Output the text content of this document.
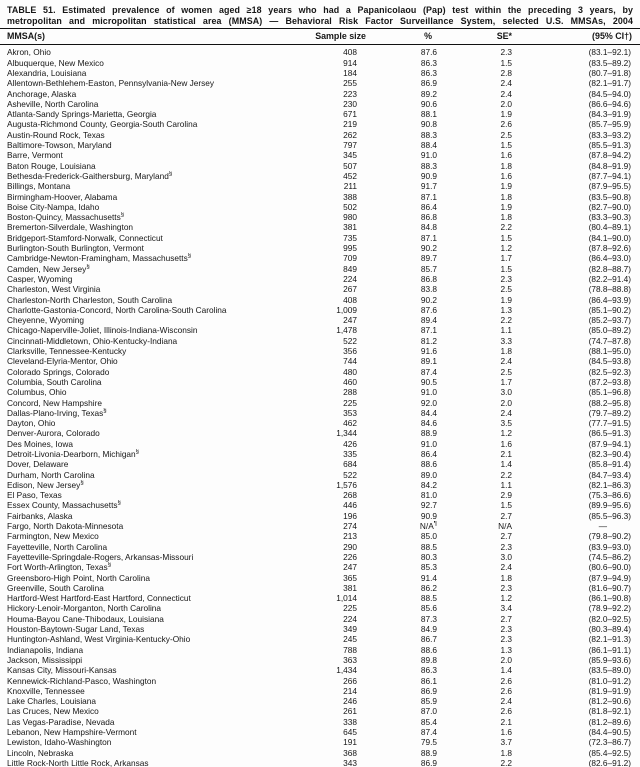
TABLE 51. Estimated prevalence of women aged ≥18 years who had a Papanicolaou (Pap) test within the preceding 3 years, by
metropolitan and micropolitan statistical area (MMSA) — Behavioral Risk Factor Surveillance System, selected U.S. MMSAs, 2004
MMSA(s)	Sample size	%	SE*	(95% CI†)
Akron, Ohio	408	87.6	2.3	(83.1–92.1)
Albuquerque, New Mexico	914	86.3	1.5	(83.5–89.2)
Alexandria, Louisiana	184	86.3	2.8	(80.7–91.8)
Allentown-Bethlehem-Easton, Pennsylvania-New Jersey	255	86.9	2.4	(82.1–91.7)
Anchorage, Alaska	223	89.2	2.4	(84.5–94.0)
Asheville, North Carolina	230	90.6	2.0	(86.6–94.6)
Atlanta-Sandy Springs-Marietta, Georgia	671	88.1	1.9	(84.3–91.9)
Augusta-Richmond County, Georgia-South Carolina	219	90.8	2.6	(85.7–95.9)
Austin-Round Rock, Texas	262	88.3	2.5	(83.3–93.2)
Baltimore-Towson, Maryland	797	88.4	1.5	(85.5–91.3)
Barre, Vermont	345	91.0	1.6	(87.8–94.2)
Baton Rouge, Louisiana	507	88.3	1.8	(84.8–91.9)
Bethesda-Frederick-Gaithersburg, Maryland§	452	90.9	1.6	(87.7–94.1)
Billings, Montana	211	91.7	1.9	(87.9–95.5)
Birmingham-Hoover, Alabama	388	87.1	1.8	(83.5–90.8)
Boise City-Nampa, Idaho	502	86.4	1.9	(82.7–90.0)
Boston-Quincy, Massachusetts§	980	86.8	1.8	(83.3–90.3)
Bremerton-Silverdale, Washington	381	84.8	2.2	(80.4–89.1)
Bridgeport-Stamford-Norwalk, Connecticut	735	87.1	1.5	(84.1–90.0)
Burlington-South Burlington, Vermont	995	90.2	1.2	(87.8–92.6)
Cambridge-Newton-Framingham, Massachusetts§	709	89.7	1.7	(86.4–93.0)
Camden, New Jersey§	849	85.7	1.5	(82.8–88.7)
Casper, Wyoming	224	86.8	2.3	(82.2–91.4)
Charleston, West Virginia	267	83.8	2.5	(78.8–88.8)
Charleston-North Charleston, South Carolina	408	90.2	1.9	(86.4–93.9)
Charlotte-Gastonia-Concord, North Carolina-South Carolina	1,009	87.6	1.3	(85.1–90.2)
Cheyenne, Wyoming	247	89.4	2.2	(85.2–93.7)
Chicago-Naperville-Joliet, Illinois-Indiana-Wisconsin	1,478	87.1	1.1	(85.0–89.2)
Cincinnati-Middletown, Ohio-Kentucky-Indiana	522	81.2	3.3	(74.7–87.8)
Clarksville, Tennessee-Kentucky	356	91.6	1.8	(88.1–95.0)
Cleveland-Elyria-Mentor, Ohio	744	89.1	2.4	(84.5–93.8)
Colorado Springs, Colorado	480	87.4	2.5	(82.5–92.3)
Columbia, South Carolina	460	90.5	1.7	(87.2–93.8)
Columbus, Ohio	288	91.0	3.0	(85.1–96.8)
Concord, New Hampshire	225	92.0	2.0	(88.2–95.8)
Dallas-Plano-Irving, Texas§	353	84.4	2.4	(79.7–89.2)
Dayton, Ohio	462	84.6	3.5	(77.7–91.5)
Denver-Aurora, Colorado	1,344	88.9	1.2	(86.5–91.3)
Des Moines, Iowa	426	91.0	1.6	(87.9–94.1)
Detroit-Livonia-Dearborn, Michigan§	335	86.4	2.1	(82.3–90.4)
Dover, Delaware	684	88.6	1.4	(85.8–91.4)
Durham, North Carolina	522	89.0	2.2	(84.7–93.4)
Edison, New Jersey§	1,576	84.2	1.1	(82.1–86.3)
El Paso, Texas	268	81.0	2.9	(75.3–86.6)
Essex County, Massachusetts§	446	92.7	1.5	(89.9–95.6)
Fairbanks, Alaska	196	90.9	2.7	(85.5–96.3)
Fargo, North Dakota-Minnesota	274	N/A¶	N/A	—
Farmington, New Mexico	213	85.0	2.7	(79.8–90.2)
Fayetteville, North Carolina	290	88.5	2.3	(83.9–93.0)
Fayetteville-Springdale-Rogers, Arkansas-Missouri	226	80.3	3.0	(74.5–86.2)
Fort Worth-Arlington, Texas§	247	85.3	2.4	(80.6–90.0)
Greensboro-High Point, North Carolina	365	91.4	1.8	(87.9–94.9)
Greenville, South Carolina	381	86.2	2.3	(81.6–90.7)
Hartford-West Hartford-East Hartford, Connecticut	1,014	88.5	1.2	(86.1–90.8)
Hickory-Lenoir-Morganton, North Carolina	225	85.6	3.4	(78.9–92.2)
Houma-Bayou Cane-Thibodaux, Louisiana	224	87.3	2.7	(82.0–92.5)
Houston-Baytown-Sugar Land, Texas	349	84.9	2.3	(80.3–89.4)
Huntington-Ashland, West Virginia-Kentucky-Ohio	245	86.7	2.3	(82.1–91.3)
Indianapolis, Indiana	788	88.6	1.3	(86.1–91.1)
Jackson, Mississippi	363	89.8	2.0	(85.9–93.6)
Kansas City, Missouri-Kansas	1,434	86.3	1.4	(83.5–89.0)
Kennewick-Richland-Pasco, Washington	266	86.1	2.6	(81.0–91.2)
Knoxville, Tennessee	214	86.9	2.6	(81.9–91.9)
Lake Charles, Louisiana	246	85.9	2.4	(81.2–90.6)
Las Cruces, New Mexico	261	87.0	2.6	(81.8–92.1)
Las Vegas-Paradise, Nevada	338	85.4	2.1	(81.2–89.6)
Lebanon, New Hampshire-Vermont	645	87.4	1.6	(84.4–90.5)
Lewiston, Idaho-Washington	191	79.5	3.7	(72.3–86.7)
Lincoln, Nebraska	368	88.9	1.8	(85.4–92.5)
Little Rock-North Little Rock, Arkansas	343	86.9	2.2	(82.6–91.2)
